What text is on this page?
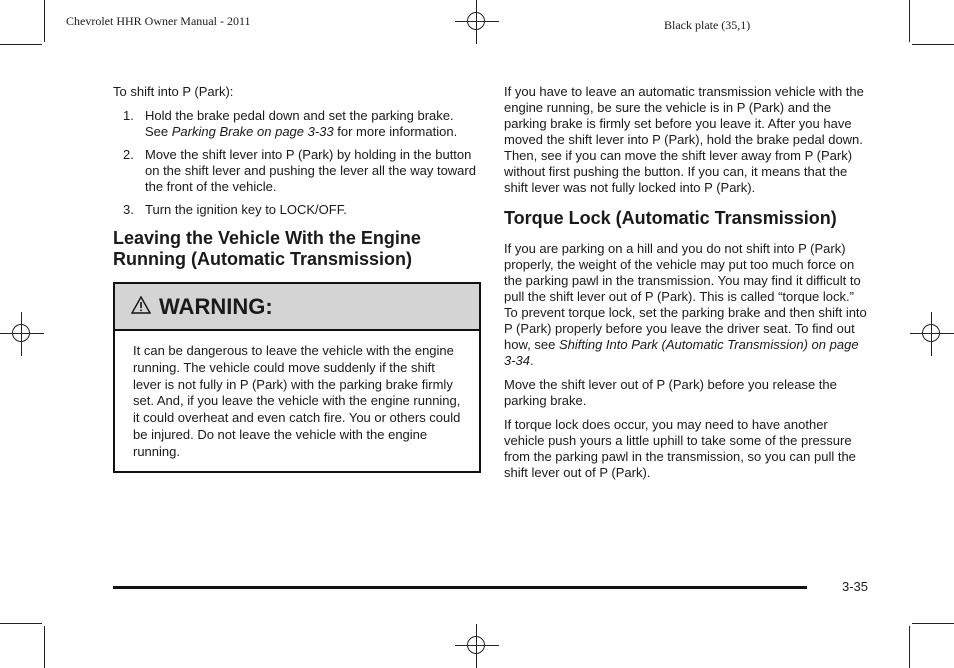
Chevrolet HHR Owner Manual - 2011	Black plate (35,1)

To shift into P (Park):

1. Hold the brake pedal down and set the parking brake. See Parking Brake on page 3-33 for more information.
2. Move the shift lever into P (Park) by holding in the button on the shift lever and pushing the lever all the way toward the front of the vehicle.
3. Turn the ignition key to LOCK/OFF.
Leaving the Vehicle With the Engine Running (Automatic Transmission)
WARNING:
It can be dangerous to leave the vehicle with the engine running. The vehicle could move suddenly if the shift lever is not fully in P (Park) with the parking brake firmly set. And, if you leave the vehicle with the engine running, it could overheat and even catch fire. You or others could be injured. Do not leave the vehicle with the engine running.

If you have to leave an automatic transmission vehicle with the engine running, be sure the vehicle is in P (Park) and the parking brake is firmly set before you leave it. After you have moved the shift lever into P (Park), hold the brake pedal down. Then, see if you can move the shift lever away from P (Park) without first pushing the button. If you can, it means that the shift lever was not fully locked into P (Park).

Torque Lock (Automatic Transmission)

If you are parking on a hill and you do not shift into P (Park) properly, the weight of the vehicle may put too much force on the parking pawl in the transmission. You may find it difficult to pull the shift lever out of P (Park). This is called “torque lock.” To prevent torque lock, set the parking brake and then shift into P (Park) properly before you leave the driver seat. To find out how, see Shifting Into Park (Automatic Transmission) on page 3-34.

Move the shift lever out of P (Park) before you release the parking brake.

If torque lock does occur, you may need to have another vehicle push yours a little uphill to take some of the pressure from the parking pawl in the transmission, so you can pull the shift lever out of P (Park).

3-35
